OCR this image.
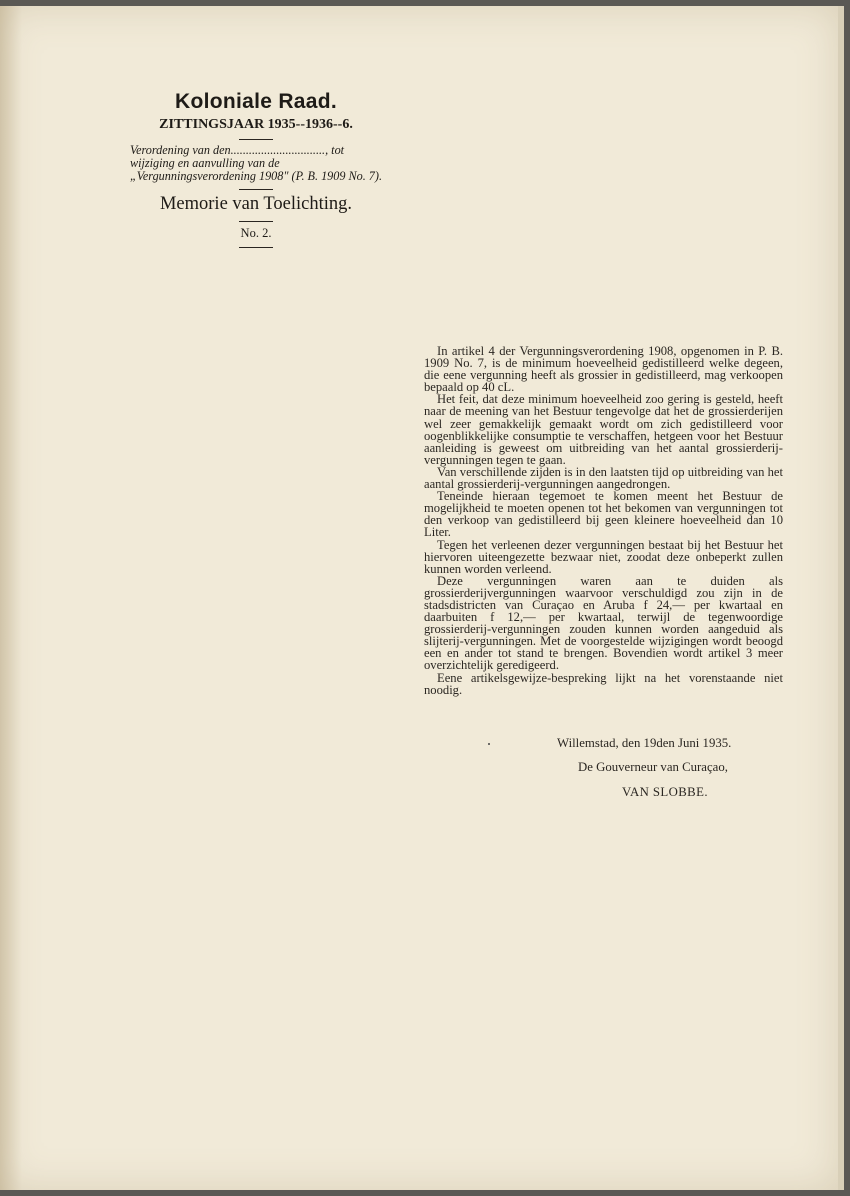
Koloniale Raad.
ZITTINGSJAAR 1935--1936--6.
Verordening van den..............................., tot wijziging en aanvulling van de „Vergunningsverordening 1908" (P. B. 1909 No. 7).
Memorie van Toelichting.
No. 2.

In artikel 4 der Vergunningsverordening 1908, opgenomen in P. B. 1909 No. 7, is de minimum hoeveelheid gedistilleerd welke degeen, die eene vergunning heeft als grossier in gedistilleerd, mag verkoopen bepaald op 40 cL.

Het feit, dat deze minimum hoeveelheid zoo gering is gesteld, heeft naar de meening van het Bestuur tengevolge dat het de grossierderijen wel zeer gemakkelijk gemaakt wordt om zich gedistilleerd voor oogenblikkelijke consumptie te verschaffen, hetgeen voor het Bestuur aanleiding is geweest om uitbreiding van het aantal grossierderij-vergunningen tegen te gaan.

Van verschillende zijden is in den laatsten tijd op uitbreiding van het aantal grossierderij-vergunningen aangedrongen.

Teneinde hieraan tegemoet te komen meent het Bestuur de mogelijkheid te moeten openen tot het bekomen van vergunningen tot den verkoop van gedistilleerd bij geen kleinere hoeveelheid dan 10 Liter.

Tegen het verleenen dezer vergunningen bestaat bij het Bestuur het hiervoren uiteengezette bezwaar niet, zoodat deze onbeperkt zullen kunnen worden verleend.

Deze vergunningen waren aan te duiden als grossierderijvergunningen waarvoor verschuldigd zou zijn in de stadsdistricten van Curaçao en Aruba f 24,— per kwartaal en daarbuiten f 12,— per kwartaal, terwijl de tegenwoordige grossierderij-vergunningen zouden kunnen worden aangeduid als slijterij-vergunningen. Met de voorgestelde wijzigingen wordt beoogd een en ander tot stand te brengen. Bovendien wordt artikel 3 meer overzichtelijk geredigeerd.

Eene artikelsgewijze-bespreking lijkt na het vorenstaande niet noodig.

Willemstad, den 19den Juni 1935.
De Gouverneur van Curaçao,
VAN SLOBBE.
